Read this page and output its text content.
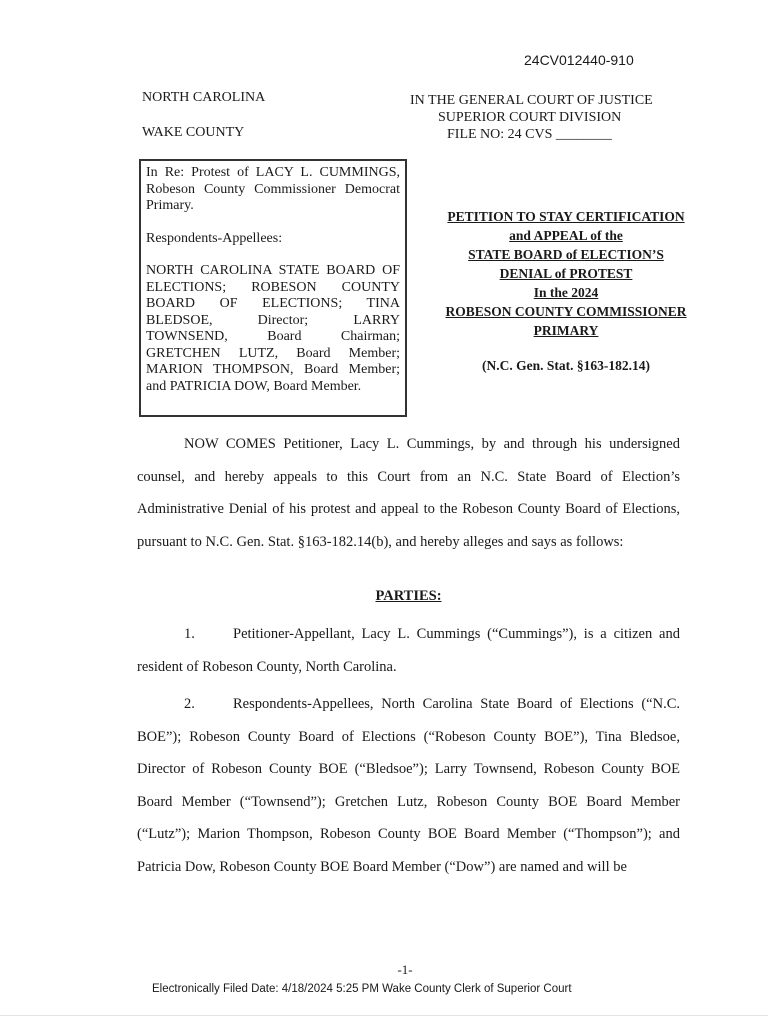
24CV012440-910
NORTH CAROLINA
WAKE COUNTY
IN THE GENERAL COURT OF JUSTICE
SUPERIOR COURT DIVISION
FILE NO: 24 CVS ________

In Re: Protest of LACY L. CUMMINGS, Robeson County Commissioner Democrat Primary.

Respondents-Appellees:

NORTH CAROLINA STATE BOARD OF ELECTIONS; ROBESON COUNTY BOARD OF ELECTIONS; TINA BLEDSOE, Director; LARRY TOWNSEND, Board Chairman; GRETCHEN LUTZ, Board Member; MARION THOMPSON, Board Member; and PATRICIA DOW, Board Member.

PETITION TO STAY CERTIFICATION
and APPEAL of the
STATE BOARD of ELECTION’S
DENIAL of PROTEST
In the 2024
ROBESON COUNTY COMMISSIONER
PRIMARY
(N.C. Gen. Stat. §163-182.14)

NOW COMES Petitioner, Lacy L. Cummings, by and through his undersigned counsel, and hereby appeals to this Court from an N.C. State Board of Election’s Administrative Denial of his protest and appeal to the Robeson County Board of Elections, pursuant to N.C. Gen. Stat. §163-182.14(b), and hereby alleges and says as follows:

PARTIES:

1.	Petitioner-Appellant, Lacy L. Cummings (“Cummings”), is a citizen and resident of Robeson County, North Carolina.

2.	Respondents-Appellees, North Carolina State Board of Elections (“N.C. BOE”); Robeson County Board of Elections (“Robeson County BOE”), Tina Bledsoe, Director of Robeson County BOE (“Bledsoe”); Larry Townsend, Robeson County BOE Board Member (“Townsend”); Gretchen Lutz, Robeson County BOE Board Member (“Lutz”); Marion Thompson, Robeson County BOE Board Member (“Thompson”); and Patricia Dow, Robeson County BOE Board Member (“Dow”) are named and will be

-1-
Electronically Filed Date: 4/18/2024 5:25 PM Wake County Clerk of Superior Court
